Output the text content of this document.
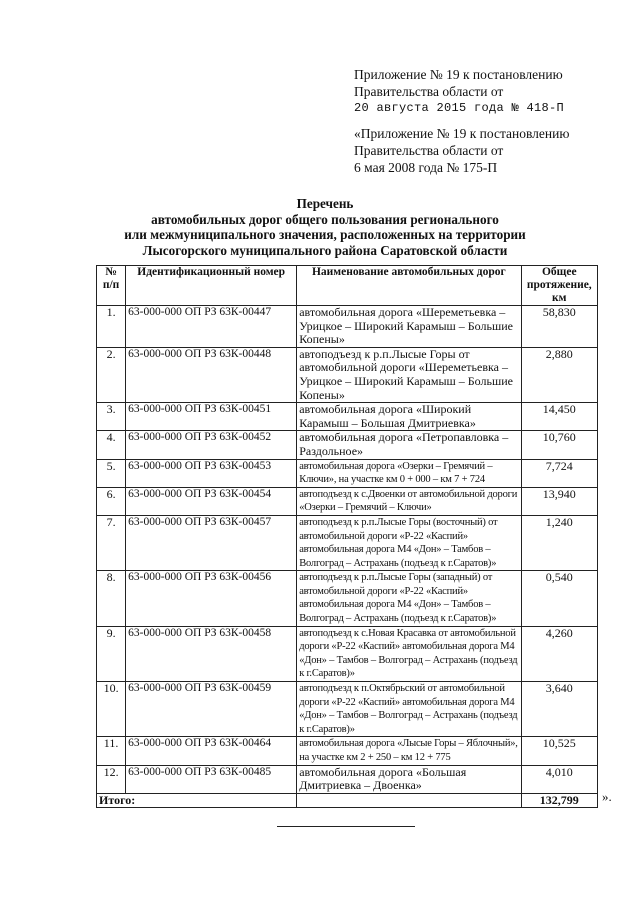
Приложение № 19 к постановлению
Правительства области от
20 августа 2015 года № 418-П
«Приложение № 19 к постановлению
Правительства области от
6 мая 2008 года № 175-П
Перечень
автомобильных дорог общего пользования регионального
или межмуниципального значения, расположенных на территории
Лысогорского муниципального района Саратовской области
№ п/п	Идентификационный номер	Наименование автомобильных дорог	Общее протяжение, км
1.	63-000-000 ОП РЗ 63К-00447	автомобильная дорога «Шереметьевка – Урицкое – Широкий Карамыш – Большие Копены»	58,830
2.	63-000-000 ОП РЗ 63К-00448	автоподъезд к р.п.Лысые Горы от автомобильной дороги «Шереметьевка – Урицкое – Широкий Карамыш – Большие Копены»	2,880
3.	63-000-000 ОП РЗ 63К-00451	автомобильная дорога «Широкий Карамыш – Большая Дмитриевка»	14,450
4.	63-000-000 ОП РЗ 63К-00452	автомобильная дорога «Петропавловка – Раздольное»	10,760
5.	63-000-000 ОП РЗ 63К-00453	автомобильная дорога «Озерки – Гремячий – Ключи», на участке км 0 + 000 – км 7 + 724	7,724
6.	63-000-000 ОП РЗ 63К-00454	автоподъезд к с.Двоенки от автомобильной дороги «Озерки – Гремячий – Ключи»	13,940
7.	63-000-000 ОП РЗ 63К-00457	автоподъезд к р.п.Лысые Горы (восточный) от автомобильной дороги «Р-22 «Каспий» автомобильная дорога М4 «Дон» – Тамбов – Волгоград – Астрахань (подъезд к г.Саратов)»	1,240
8.	63-000-000 ОП РЗ 63К-00456	автоподъезд к р.п.Лысые Горы (западный) от автомобильной дороги «Р-22 «Каспий» автомобильная дорога М4 «Дон» – Тамбов – Волгоград – Астрахань (подъезд к г.Саратов)»	0,540
9.	63-000-000 ОП РЗ 63К-00458	автоподъезд к с.Новая Красавка от автомобильной дороги «Р-22 «Каспий» автомобильная дорога М4 «Дон» – Тамбов – Волгоград – Астрахань (подъезд к г.Саратов)»	4,260
10.	63-000-000 ОП РЗ 63К-00459	автоподъезд к п.Октябрьский от автомобильной дороги «Р-22 «Каспий» автомобильная дорога М4 «Дон» – Тамбов – Волгоград – Астрахань (подъезд к г.Саратов)»	3,640
11.	63-000-000 ОП РЗ 63К-00464	автомобильная дорога «Лысые Горы – Яблочный», на участке км 2 + 250 – км 12 + 775	10,525
12.	63-000-000 ОП РЗ 63К-00485	автомобильная дорога «Большая Дмитриевка – Двоенка»	4,010
Итого:			132,799 ».
